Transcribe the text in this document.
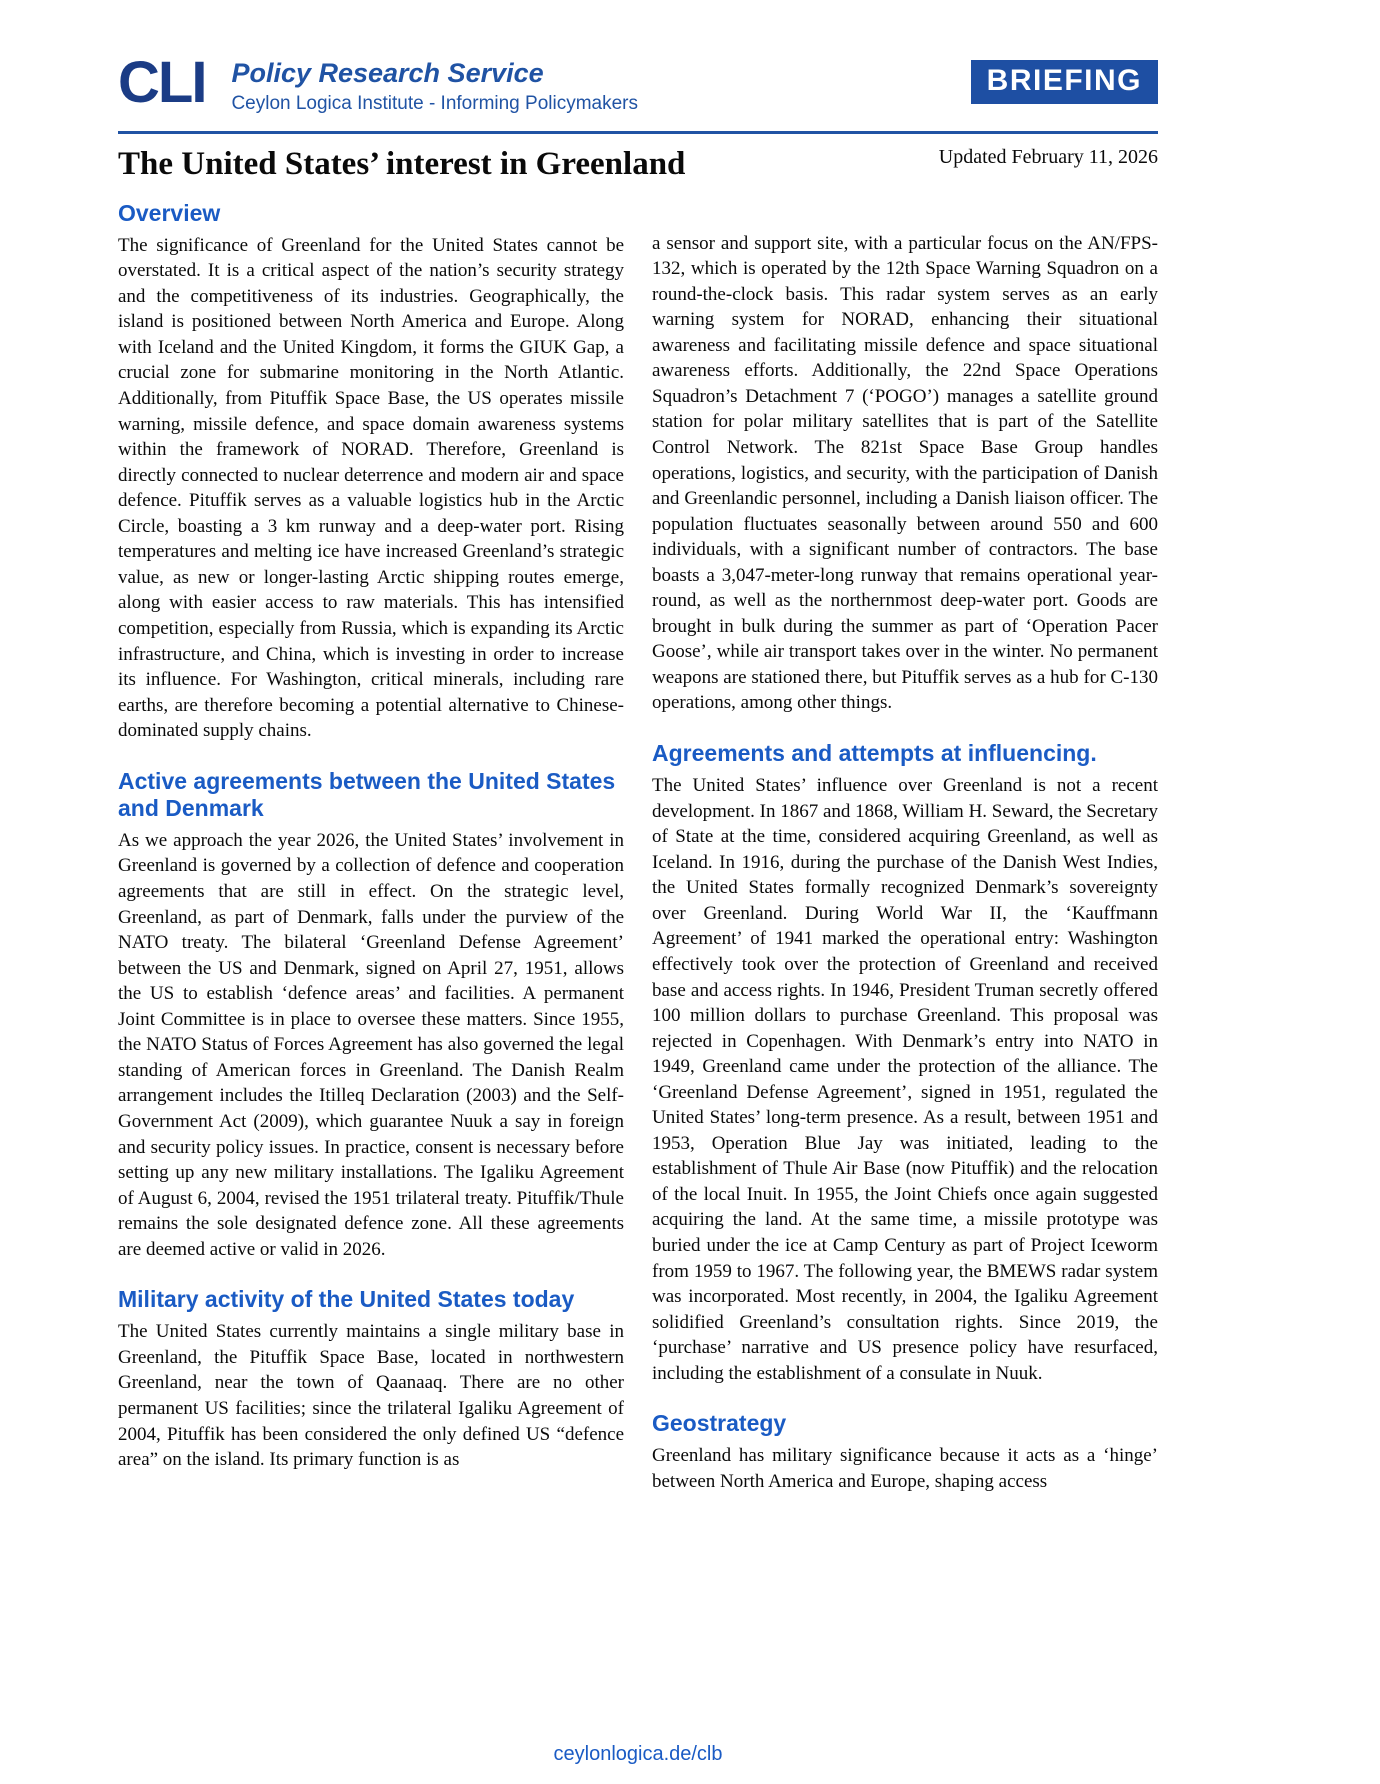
CLI Policy Research Service
Ceylon Logica Institute - Informing Policymakers
BRIEFING
Updated February 11, 2026
The United States’ interest in Greenland
Overview

The significance of Greenland for the United States cannot be overstated. It is a critical aspect of the nation’s security strategy and the competitiveness of its industries. Geographically, the island is positioned between North America and Europe. Along with Iceland and the United Kingdom, it forms the GIUK Gap, a crucial zone for submarine monitoring in the North Atlantic. Additionally, from Pituffik Space Base, the US operates missile warning, missile defence, and space domain awareness systems within the framework of NORAD. Therefore, Greenland is directly connected to nuclear deterrence and modern air and space defence. Pituffik serves as a valuable logistics hub in the Arctic Circle, boasting a 3 km runway and a deep-water port. Rising temperatures and melting ice have increased Greenland’s strategic value, as new or longer-lasting Arctic shipping routes emerge, along with easier access to raw materials. This has intensified competition, especially from Russia, which is expanding its Arctic infrastructure, and China, which is investing in order to increase its influence. For Washington, critical minerals, including rare earths, are therefore becoming a potential alternative to Chinese-dominated supply chains.

Active agreements between the United States and Denmark

As we approach the year 2026, the United States’ involvement in Greenland is governed by a collection of defence and cooperation agreements that are still in effect. On the strategic level, Greenland, as part of Denmark, falls under the purview of the NATO treaty. The bilateral ‘Greenland Defense Agreement’ between the US and Denmark, signed on April 27, 1951, allows the US to establish ‘defence areas’ and facilities. A permanent Joint Committee is in place to oversee these matters. Since 1955, the NATO Status of Forces Agreement has also governed the legal standing of American forces in Greenland. The Danish Realm arrangement includes the Itilleq Declaration (2003) and the Self-Government Act (2009), which guarantee Nuuk a say in foreign and security policy issues. In practice, consent is necessary before setting up any new military installations. The Igaliku Agreement of August 6, 2004, revised the 1951 trilateral treaty. Pituffik/Thule remains the sole designated defence zone. All these agreements are deemed active or valid in 2026.

Military activity of the United States today

The United States currently maintains a single military base in Greenland, the Pituffik Space Base, located in northwestern Greenland, near the town of Qaanaaq. There are no other permanent US facilities; since the trilateral Igaliku Agreement of 2004, Pituffik has been considered the only defined US “defence area” on the island. Its primary function is as

a sensor and support site, with a particular focus on the AN/FPS-132, which is operated by the 12th Space Warning Squadron on a round-the-clock basis. This radar system serves as an early warning system for NORAD, enhancing their situational awareness and facilitating missile defence and space situational awareness efforts. Additionally, the 22nd Space Operations Squadron’s Detachment 7 (‘POGO’) manages a satellite ground station for polar military satellites that is part of the Satellite Control Network. The 821st Space Base Group handles operations, logistics, and security, with the participation of Danish and Greenlandic personnel, including a Danish liaison officer. The population fluctuates seasonally between around 550 and 600 individuals, with a significant number of contractors. The base boasts a 3,047-meter-long runway that remains operational year-round, as well as the northernmost deep-water port. Goods are brought in bulk during the summer as part of ‘Operation Pacer Goose’, while air transport takes over in the winter. No permanent weapons are stationed there, but Pituffik serves as a hub for C-130 operations, among other things.

Agreements and attempts at influencing.

The United States’ influence over Greenland is not a recent development. In 1867 and 1868, William H. Seward, the Secretary of State at the time, considered acquiring Greenland, as well as Iceland. In 1916, during the purchase of the Danish West Indies, the United States formally recognized Denmark’s sovereignty over Greenland. During World War II, the ‘Kauffmann Agreement’ of 1941 marked the operational entry: Washington effectively took over the protection of Greenland and received base and access rights. In 1946, President Truman secretly offered 100 million dollars to purchase Greenland. This proposal was rejected in Copenhagen. With Denmark’s entry into NATO in 1949, Greenland came under the protection of the alliance. The ‘Greenland Defense Agreement’, signed in 1951, regulated the United States’ long-term presence. As a result, between 1951 and 1953, Operation Blue Jay was initiated, leading to the establishment of Thule Air Base (now Pituffik) and the relocation of the local Inuit. In 1955, the Joint Chiefs once again suggested acquiring the land. At the same time, a missile prototype was buried under the ice at Camp Century as part of Project Iceworm from 1959 to 1967. The following year, the BMEWS radar system was incorporated. Most recently, in 2004, the Igaliku Agreement solidified Greenland’s consultation rights. Since 2019, the ‘purchase’ narrative and US presence policy have resurfaced, including the establishment of a consulate in Nuuk.

Geostrategy

Greenland has military significance because it acts as a ‘hinge’ between North America and Europe, shaping access

ceylonlogica.de/clb
